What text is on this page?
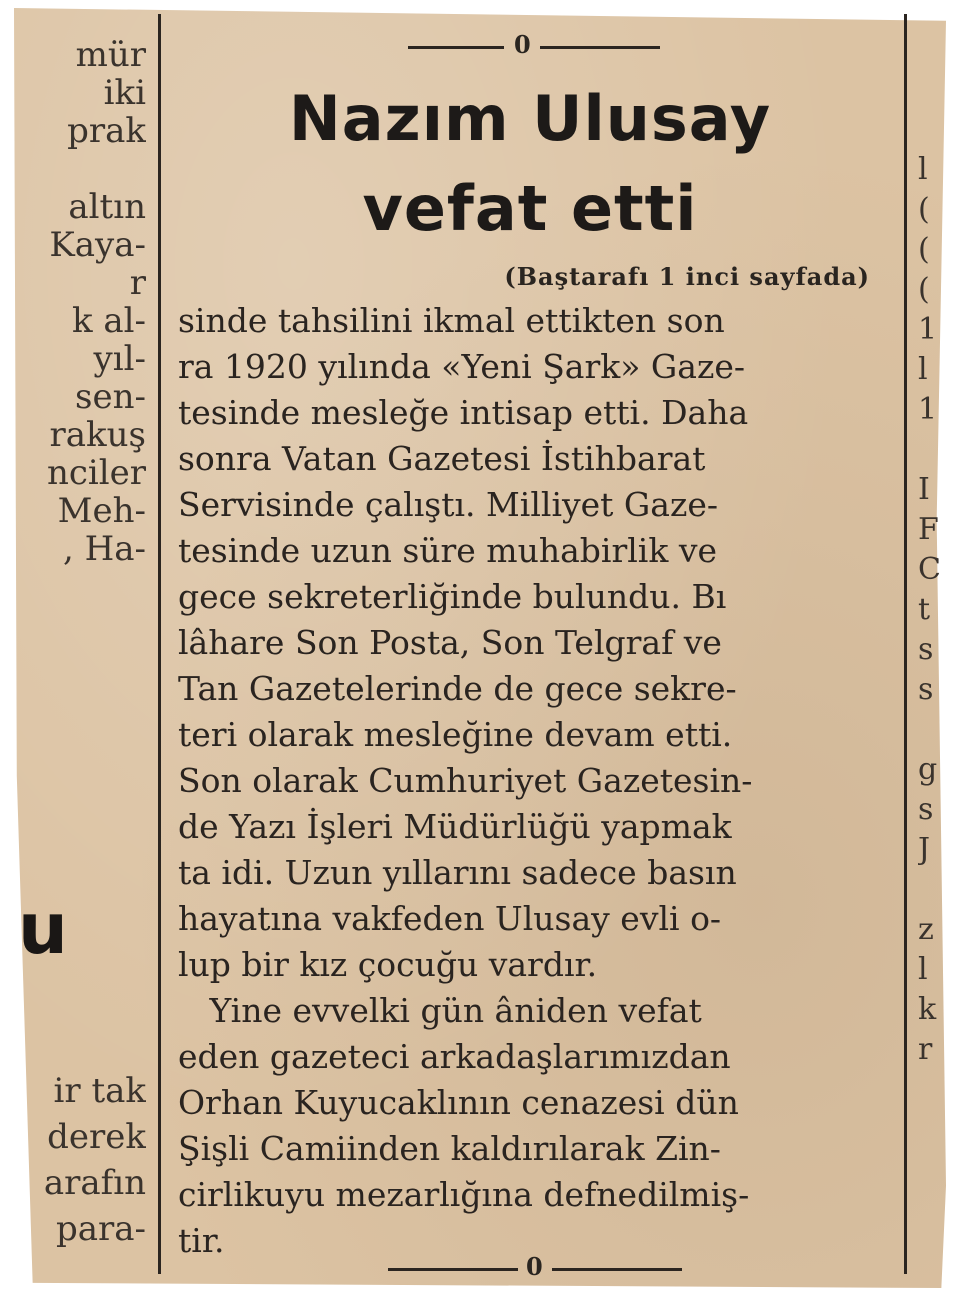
0
mür
iki
prak

altın
Kaya-
r
k al-
yıl-
sen-
rakuş
nciler
Meh-
, Ha-
u
ir tak
derek
arafın
para-
l
(
(
(
1
l
1

I
F
C
t
s
s

g
s
J

z
l
k
r
Nazım Ulusay
vefat etti
(Baştarafı 1 inci sayfada)
sinde tahsilini ikmal ettikten son
ra 1920 yılında «Yeni Şark» Gaze-
tesinde mesleğe intisap etti. Daha
sonra Vatan Gazetesi İstihbarat
Servisinde çalıştı. Milliyet Gaze-
tesinde uzun süre muhabirlik ve
gece sekreterliğinde bulundu. Bı
lâhare Son Posta, Son Telgraf ve
Tan Gazetelerinde de gece sekre-
teri olarak mesleğine devam etti.
Son olarak Cumhuriyet Gazetesin-
de Yazı İşleri Müdürlüğü yapmak
ta idi. Uzun yıllarını sadece basın
hayatına vakfeden Ulusay evli o-
lup bir kız çocuğu vardır.
Yine evvelki gün âniden vefat
eden gazeteci arkadaşlarımızdan
Orhan Kuyucaklının cenazesi dün
Şişli Camiinden kaldırılarak Zin-
cirlikuyu mezarlığına defnedilmiş-
tir.
0
